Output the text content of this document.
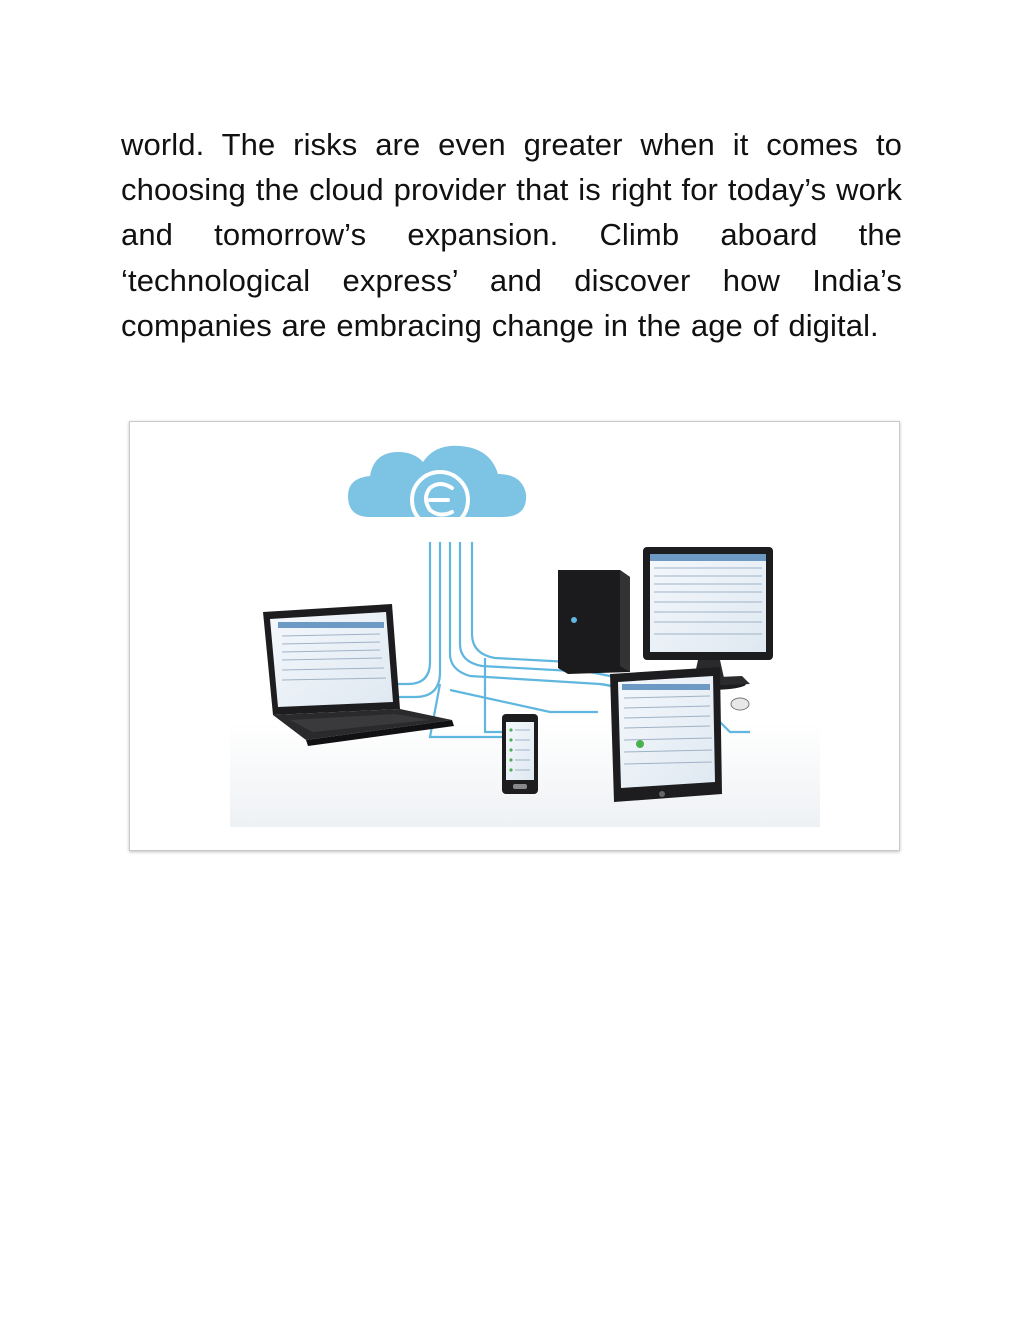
world. The risks are even greater when it comes to choosing the cloud provider that is right for today’s work and tomorrow’s expansion. Climb aboard the ‘technological express’ and discover how India’s companies are embracing change in the age of digital.
